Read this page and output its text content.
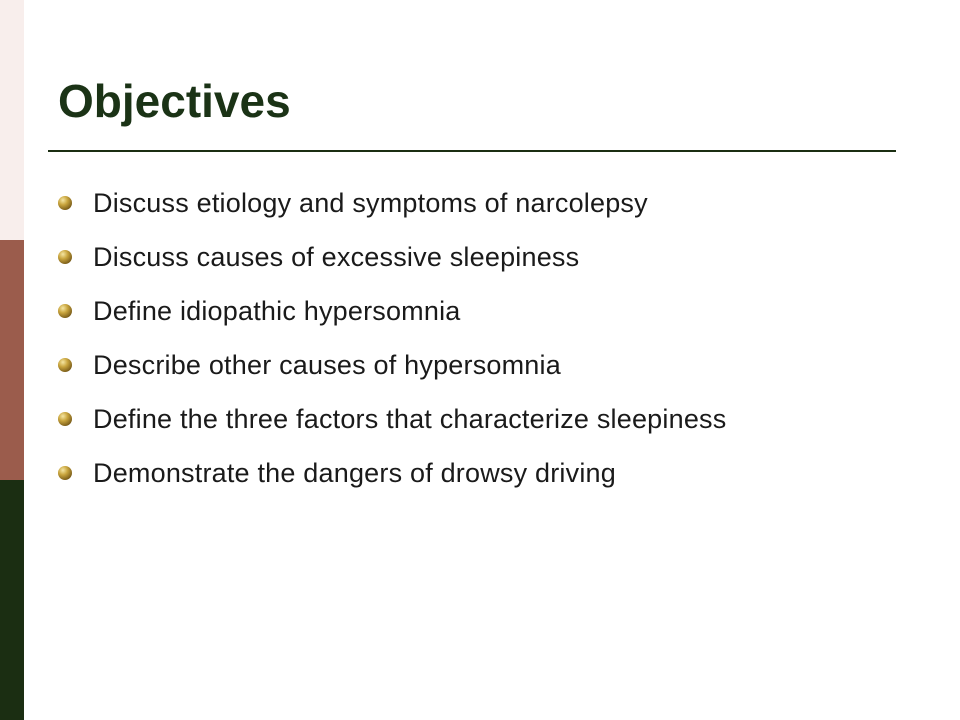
Objectives
Discuss etiology and symptoms of narcolepsy
Discuss causes of excessive sleepiness
Define idiopathic hypersomnia
Describe other causes of hypersomnia
Define the three factors that characterize sleepiness
Demonstrate the dangers of drowsy driving
